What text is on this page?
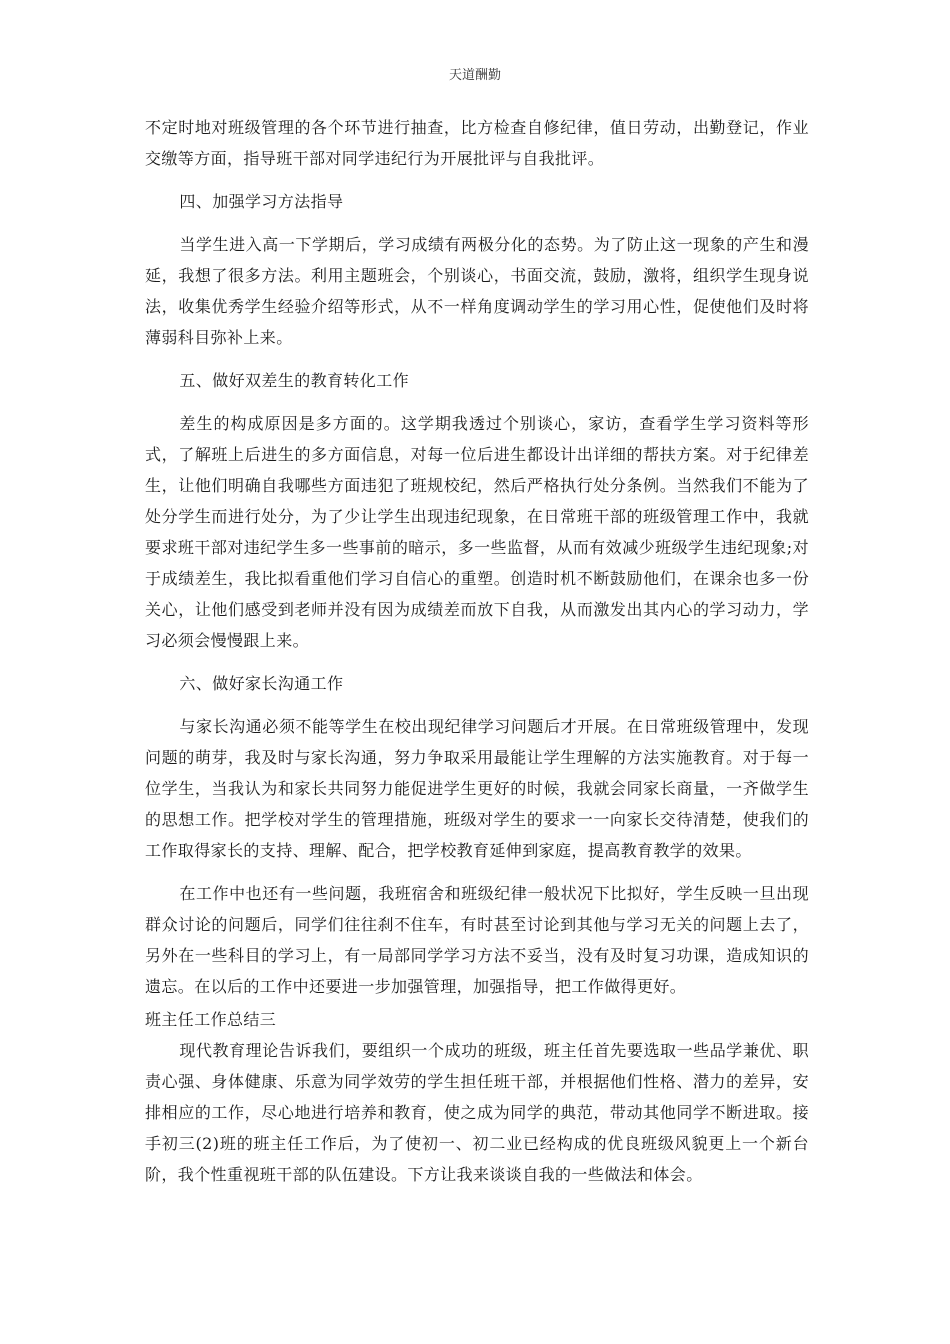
天道酬勤

不定时地对班级管理的各个环节进行抽查，比方检查自修纪律，值日劳动，出勤登记，作业交缴等方面，指导班干部对同学违纪行为开展批评与自我批评。

四、加强学习方法指导

当学生进入高一下学期后，学习成绩有两极分化的态势。为了防止这一现象的产生和漫延，我想了很多方法。利用主题班会，个别谈心，书面交流，鼓励，激将，组织学生现身说法，收集优秀学生经验介绍等形式，从不一样角度调动学生的学习用心性，促使他们及时将薄弱科目弥补上来。

五、做好双差生的教育转化工作

差生的构成原因是多方面的。这学期我透过个别谈心，家访，查看学生学习资料等形式，了解班上后进生的多方面信息，对每一位后进生都设计出详细的帮扶方案。对于纪律差生，让他们明确自我哪些方面违犯了班规校纪，然后严格执行处分条例。当然我们不能为了处分学生而进行处分，为了少让学生出现违纪现象，在日常班干部的班级管理工作中，我就要求班干部对违纪学生多一些事前的暗示，多一些监督，从而有效减少班级学生违纪现象;对于成绩差生，我比拟看重他们学习自信心的重塑。创造时机不断鼓励他们，在课余也多一份关心，让他们感受到老师并没有因为成绩差而放下自我，从而激发出其内心的学习动力，学习必须会慢慢跟上来。

六、做好家长沟通工作

与家长沟通必须不能等学生在校出现纪律学习问题后才开展。在日常班级管理中，发现问题的萌芽，我及时与家长沟通，努力争取采用最能让学生理解的方法实施教育。对于每一位学生，当我认为和家长共同努力能促进学生更好的时候，我就会同家长商量，一齐做学生的思想工作。把学校对学生的管理措施，班级对学生的要求一一向家长交待清楚，使我们的工作取得家长的支持、理解、配合，把学校教育延伸到家庭，提高教育教学的效果。

在工作中也还有一些问题，我班宿舍和班级纪律一般状况下比拟好，学生反映一旦出现群众讨论的问题后，同学们往往刹不住车，有时甚至讨论到其他与学习无关的问题上去了，另外在一些科目的学习上，有一局部同学学习方法不妥当，没有及时复习功课，造成知识的遗忘。在以后的工作中还要进一步加强管理，加强指导，把工作做得更好。

班主任工作总结三

现代教育理论告诉我们，要组织一个成功的班级，班主任首先要选取一些品学兼优、职责心强、身体健康、乐意为同学效劳的学生担任班干部，并根据他们性格、潜力的差异，安排相应的工作，尽心地进行培养和教育，使之成为同学的典范，带动其他同学不断进取。接手初三(2)班的班主任工作后，为了使初一、初二业已经构成的优良班级风貌更上一个新台阶，我个性重视班干部的队伍建设。下方让我来谈谈自我的一些做法和体会。
